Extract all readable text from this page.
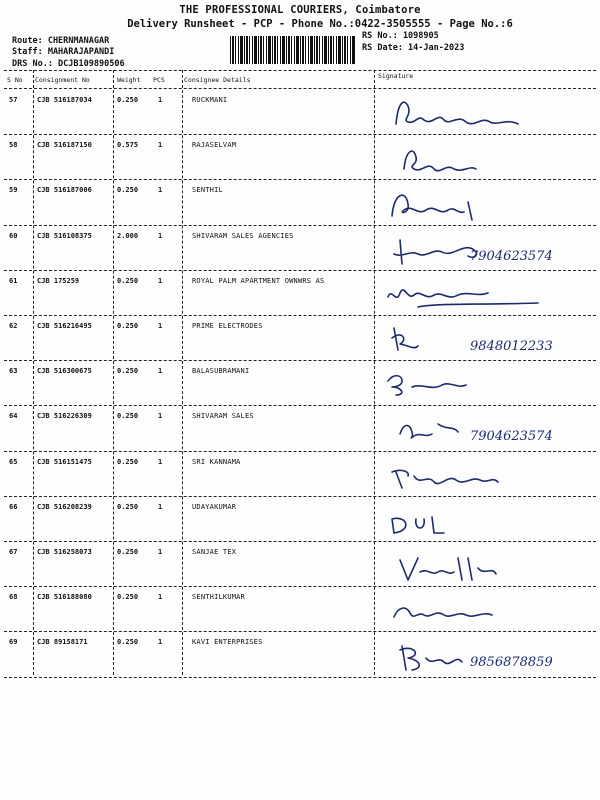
THE PROFESSIONAL COURIERS, Coimbatore
Delivery Runsheet - PCP - Phone No.:0422-3505555 - Page No.:6
Route: CHERNMANAGAR
Staff: MAHARAJAPANDI
DRS No.: DCJB109890506
RS No.: 1098905
RS Date: 14-Jan-2023
S No Consignment No	Weight PCS	Consignee Details	Signature
57	CJB 516187034	0.250	1	RUCKMANI
58	CJB 516187150	0.575	1	RAJASELVAM
59	CJB 516187006	0.250	1	SENTHIL
60	CJB 516108375	2.000	1	SHIVARAM SALES AGENCIES
7904623574
61	CJB 175259	0.250	1	ROYAL PALM APARTMENT OWNWRS AS
62	CJB 516216495	0.250	1	PRIME ELECTRODES
9848012233
63	CJB 516300675	0.250	1	BALASUBRAMANI
64	CJB 516226309	0.250	1	SHIVARAM SALES
7904623574
65	CJB 516151475	0.250	1	SRI KANNAMA
66	CJB 516208239	0.250	1	UDAYAKUMAR
67	CJB 516258073	0.250	1	SANJAE TEX
68	CJB 516188080	0.250	1	SENTHILKUMAR
69	CJB 89158171	0.250	1	KAVI ENTERPRISES
9856878859
